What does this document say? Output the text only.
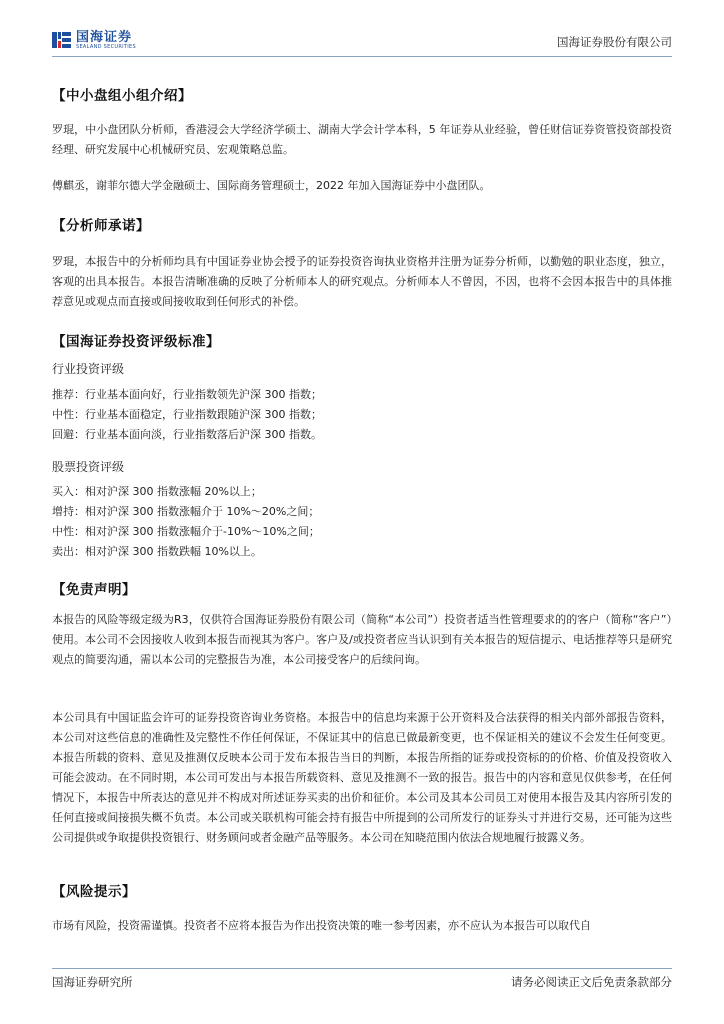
国海证券
SEALAND SECURITIES	国海证券股份有限公司

【中小盘组小组介绍】

罗琨，中小盘团队分析师，香港浸会大学经济学硕士、湖南大学会计学本科，5 年证券从业经验，曾任财信证券资管投资部投资经理、研究发展中心机械研究员、宏观策略总监。

傅麒丞，谢菲尔德大学金融硕士、国际商务管理硕士，2022 年加入国海证券中小盘团队。

【分析师承诺】

罗琨，本报告中的分析师均具有中国证券业协会授予的证券投资咨询执业资格并注册为证券分析师，以勤勉的职业态度，独立，客观的出具本报告。本报告清晰准确的反映了分析师本人的研究观点。分析师本人不曾因，不因，也将不会因本报告中的具体推荐意见或观点而直接或间接收取到任何形式的补偿。

【国海证券投资评级标准】

行业投资评级

推荐：行业基本面向好，行业指数领先沪深 300 指数；

中性：行业基本面稳定，行业指数跟随沪深 300 指数；

回避：行业基本面向淡，行业指数落后沪深 300 指数。

股票投资评级

买入：相对沪深 300 指数涨幅 20%以上；

增持：相对沪深 300 指数涨幅介于 10%～20%之间；

中性：相对沪深 300 指数涨幅介于-10%～10%之间；

卖出：相对沪深 300 指数跌幅 10%以上。

【免责声明】

本报告的风险等级定级为R3，仅供符合国海证券股份有限公司（简称“本公司”）投资者适当性管理要求的的客户（简称“客户”）使用。本公司不会因接收人收到本报告而视其为客户。客户及/或投资者应当认识到有关本报告的短信提示、电话推荐等只是研究观点的简要沟通，需以本公司的完整报告为准，本公司接受客户的后续问询。

本公司具有中国证监会许可的证券投资咨询业务资格。本报告中的信息均来源于公开资料及合法获得的相关内部外部报告资料，本公司对这些信息的准确性及完整性不作任何保证，不保证其中的信息已做最新变更，也不保证相关的建议不会发生任何变更。本报告所载的资料、意见及推测仅反映本公司于发布本报告当日的判断，本报告所指的证券或投资标的的价格、价值及投资收入可能会波动。在不同时期，本公司可发出与本报告所载资料、意见及推测不一致的报告。报告中的内容和意见仅供参考，在任何情况下，本报告中所表达的意见并不构成对所述证券买卖的出价和征价。本公司及其本公司员工对使用本报告及其内容所引发的任何直接或间接损失概不负责。本公司或关联机构可能会持有报告中所提到的公司所发行的证券头寸并进行交易，还可能为这些公司提供或争取提供投资银行、财务顾问或者金融产品等服务。本公司在知晓范围内依法合规地履行披露义务。

【风险提示】

市场有风险，投资需谨慎。投资者不应将本报告为作出投资决策的唯一参考因素，亦不应认为本报告可以取代自

国海证券研究所	请务必阅读正文后免责条款部分
